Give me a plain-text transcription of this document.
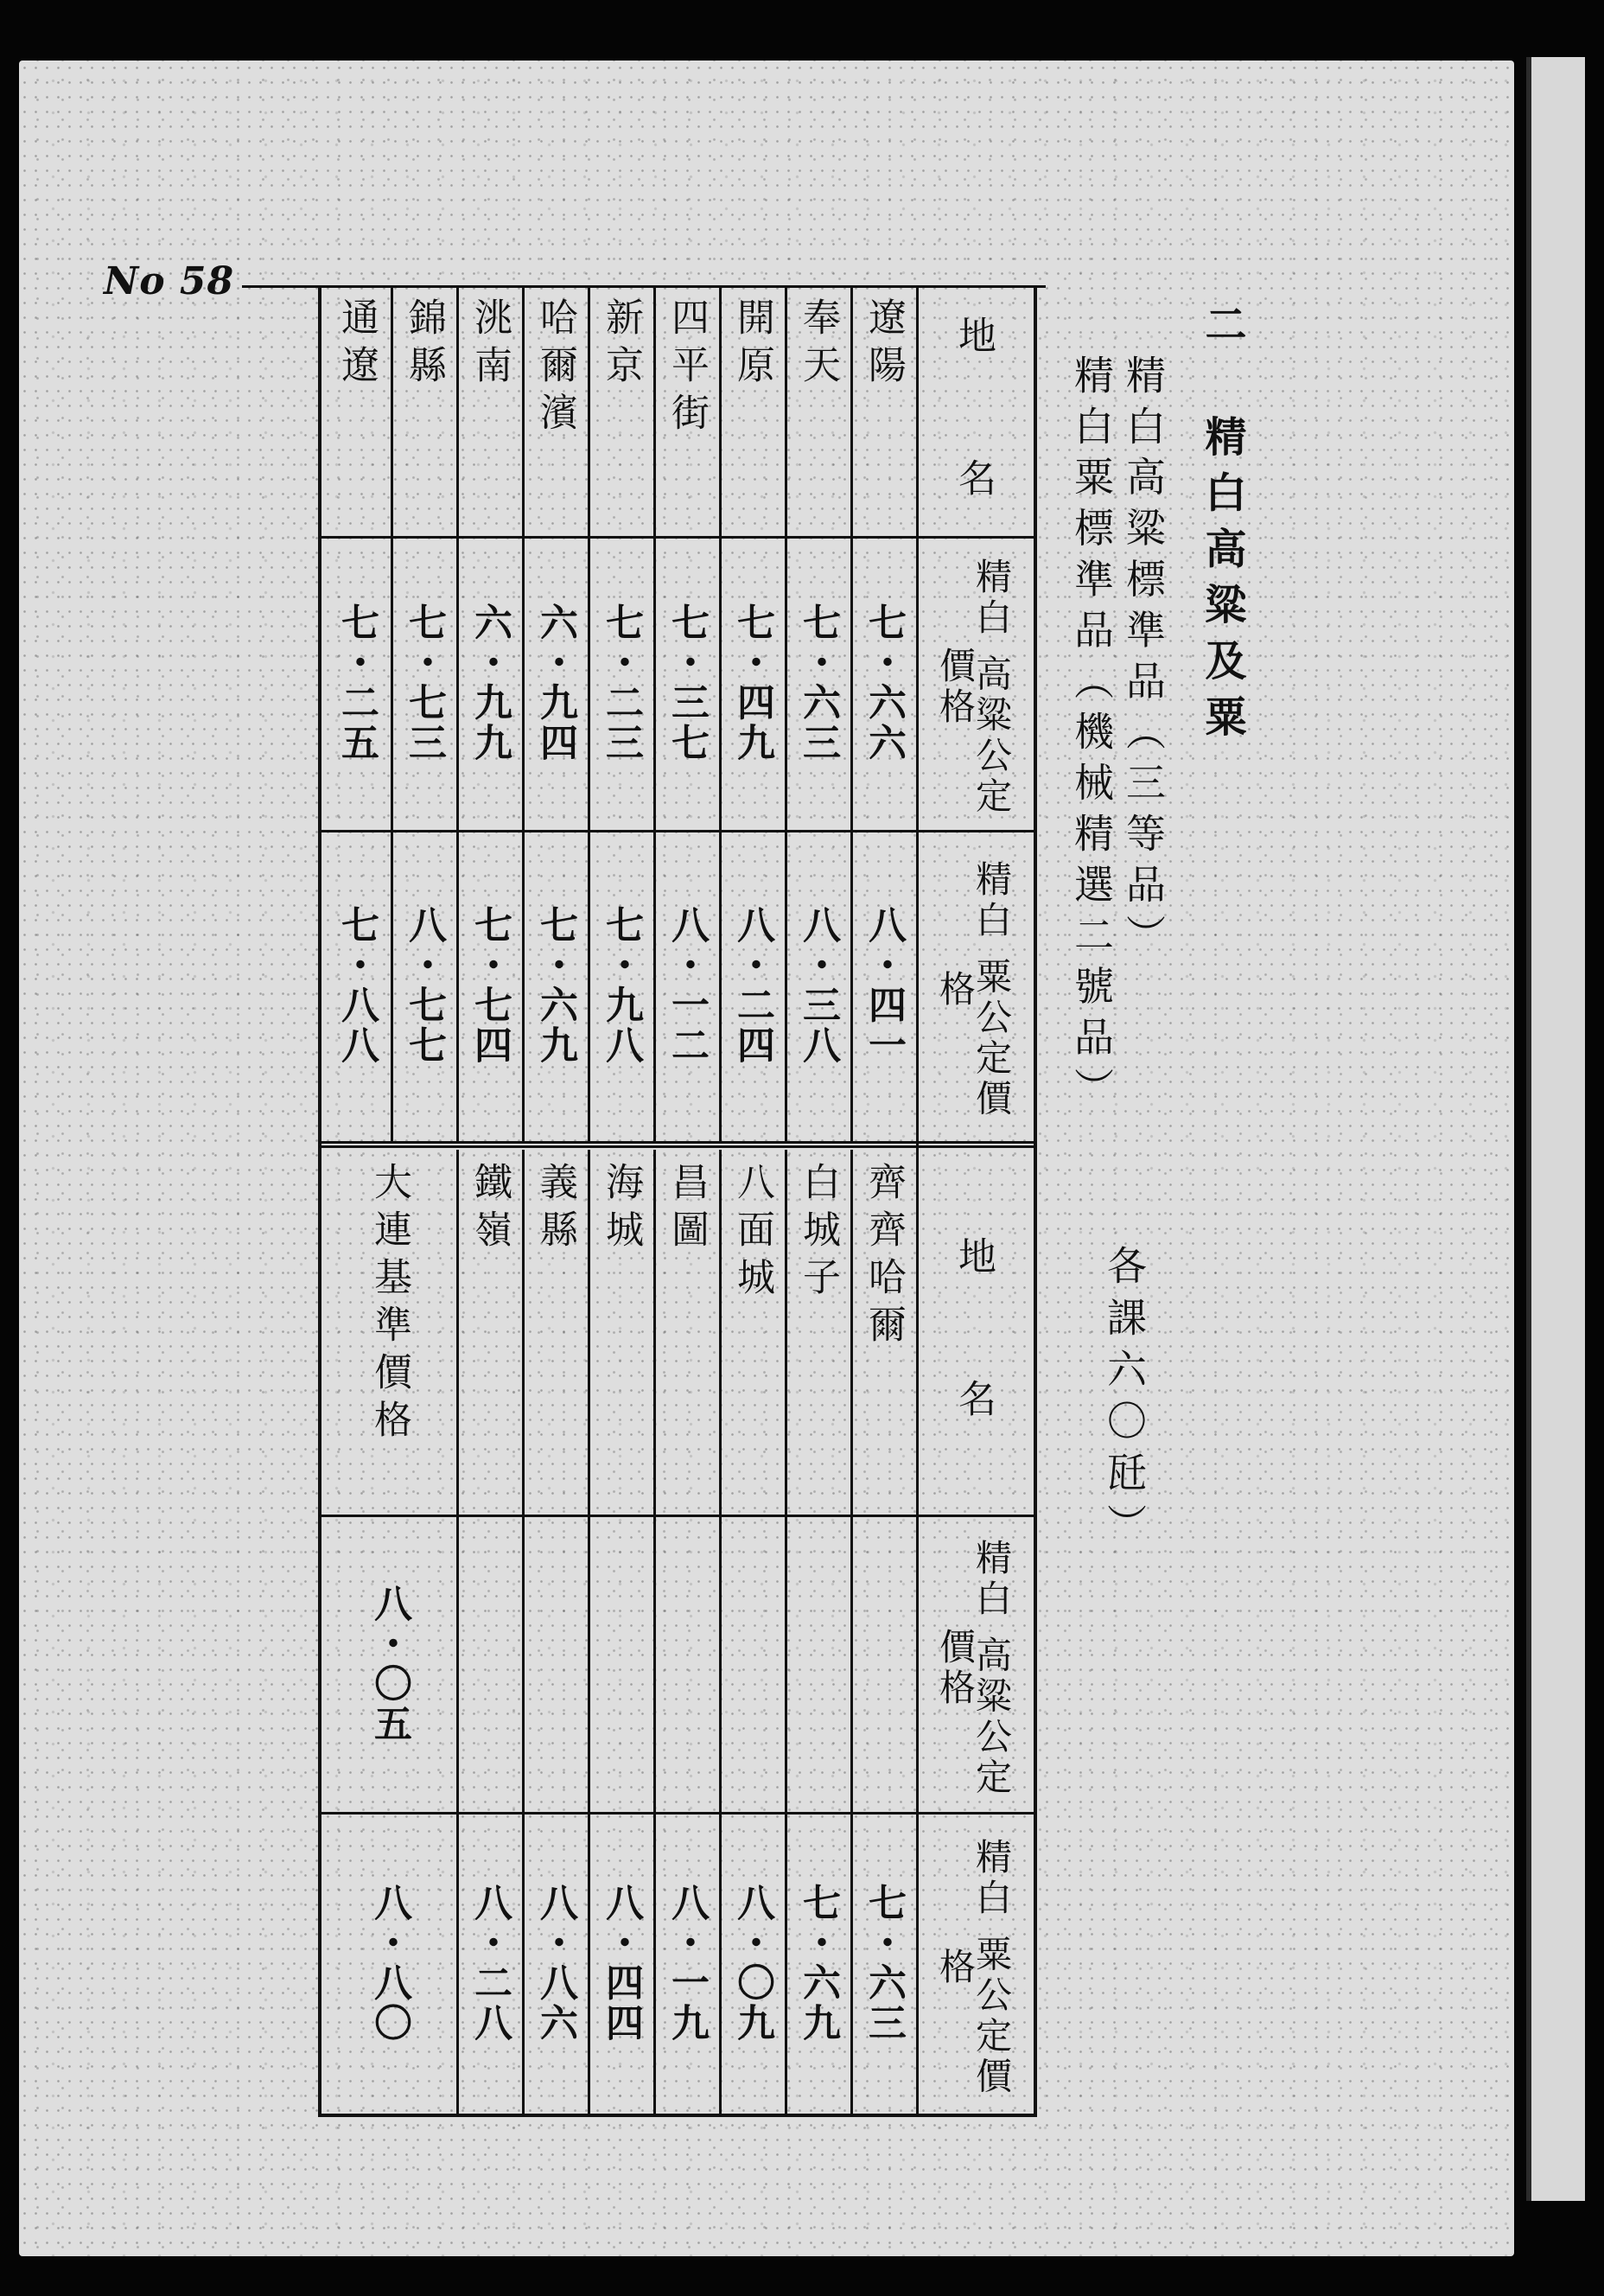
No 58
二　精白高粱及粟
精白高粱標準品（三等品）
精白粟標準品（機械精選二號品）
各課六〇瓩）
地　　名
精白 高粱公定價格
精白 粟公定價格
地　　名
精白 高粱公定價格
精白 粟公定價格
遼陽
七・六六
八・四一
奉天
七・六三
八・三八
開原
七・四九
八・二四
四平街
七・三七
八・一二
新京
七・二三
七・九八
哈爾濱
六・九四
七・六九
洮南
六・九九
七・七四
錦縣
七・七三
八・七七
通遼
七・二五
七・八八
齊齊哈爾
七・六三
白城子
七・六九
八面城
八・〇九
昌圖
八・一九
海城
八・四四
義縣
八・八六
鐵嶺
八・二八
大連基準價格
八・〇五
八・八〇
